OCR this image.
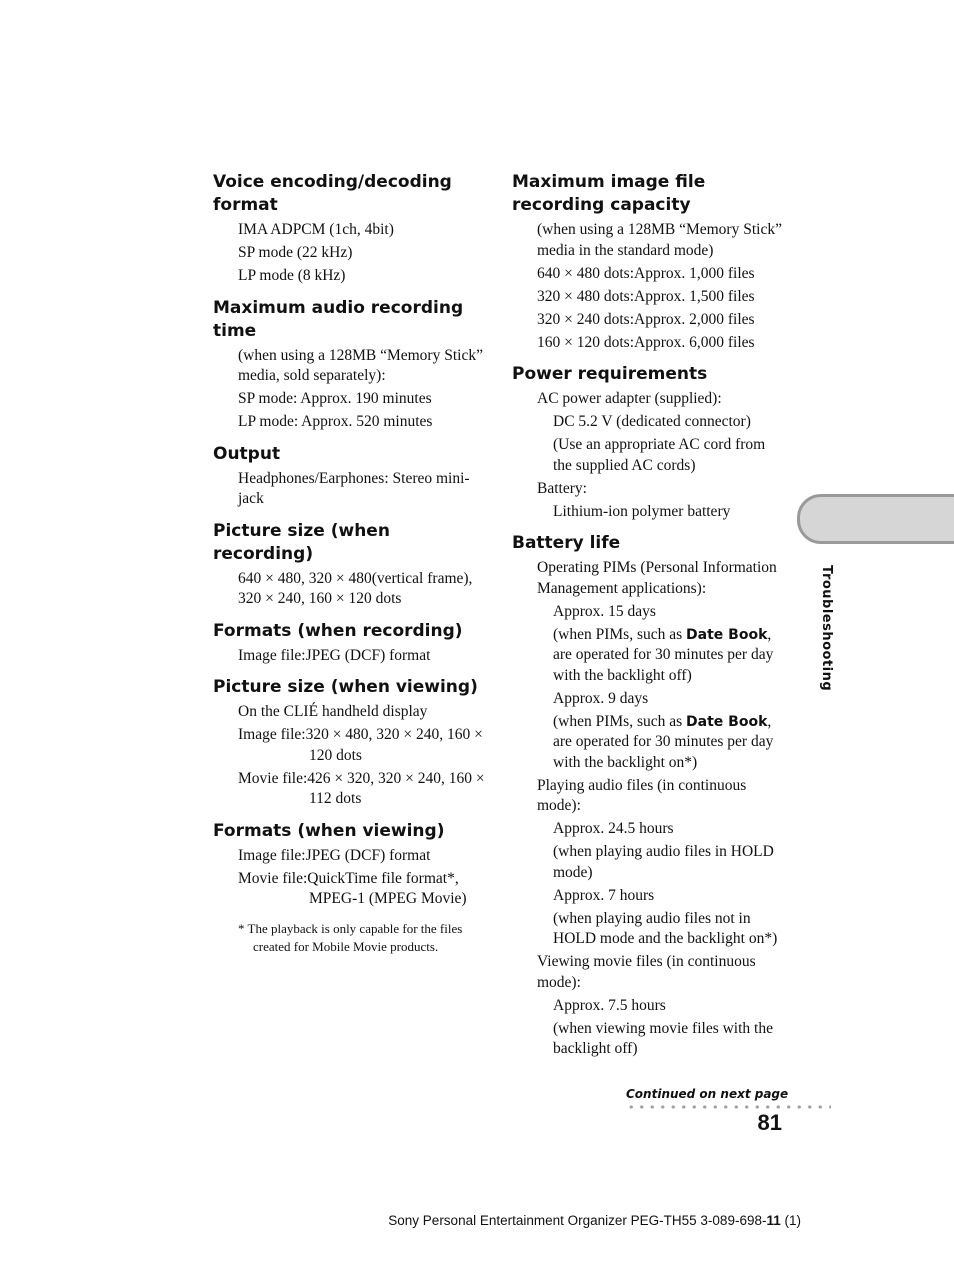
Voice encoding/decoding format
IMA ADPCM (1ch, 4bit)
SP mode (22 kHz)
LP mode (8 kHz)
Maximum audio recording time
(when using a 128MB “Memory Stick” media, sold separately):
SP mode: Approx. 190 minutes
LP mode: Approx. 520 minutes
Output
Headphones/Earphones: Stereo mini-jack
Picture size (when recording)
640 × 480, 320 × 480(vertical frame), 320 × 240, 160 × 120 dots
Formats (when recording)
Image file:JPEG (DCF) format
Picture size (when viewing)
On the CLIÉ handheld display
Image file:320 × 480, 320 × 240, 160 × 120 dots
Movie file:426 × 320, 320 × 240, 160 × 112 dots
Formats (when viewing)
Image file:JPEG (DCF) format
Movie file:QuickTime file format*, MPEG-1 (MPEG Movie)
* The playback is only capable for the files created for Mobile Movie products.
Maximum image file recording capacity
(when using a 128MB “Memory Stick” media in the standard mode)
640 × 480 dots:Approx. 1,000 files
320 × 480 dots:Approx. 1,500 files
320 × 240 dots:Approx. 2,000 files
160 × 120 dots:Approx. 6,000 files
Power requirements
AC power adapter (supplied):
DC 5.2 V (dedicated connector)
(Use an appropriate AC cord from the supplied AC cords)
Battery:
Lithium-ion polymer battery
Battery life
Operating PIMs (Personal Information Management applications):
Approx. 15 days
(when PIMs, such as Date Book, are operated for 30 minutes per day with the backlight off)
Approx. 9 days
(when PIMs, such as Date Book, are operated for 30 minutes per day with the backlight on*)
Playing audio files (in continuous mode):
Approx. 24.5 hours
(when playing audio files in HOLD mode)
Approx. 7 hours
(when playing audio files not in HOLD mode and the backlight on*)
Viewing movie files (in continuous mode):
Approx. 7.5 hours
(when viewing movie files with the backlight off)
Troubleshooting
Continued on next page
81
Sony Personal Entertainment Organizer PEG-TH55 3-089-698-11 (1)
